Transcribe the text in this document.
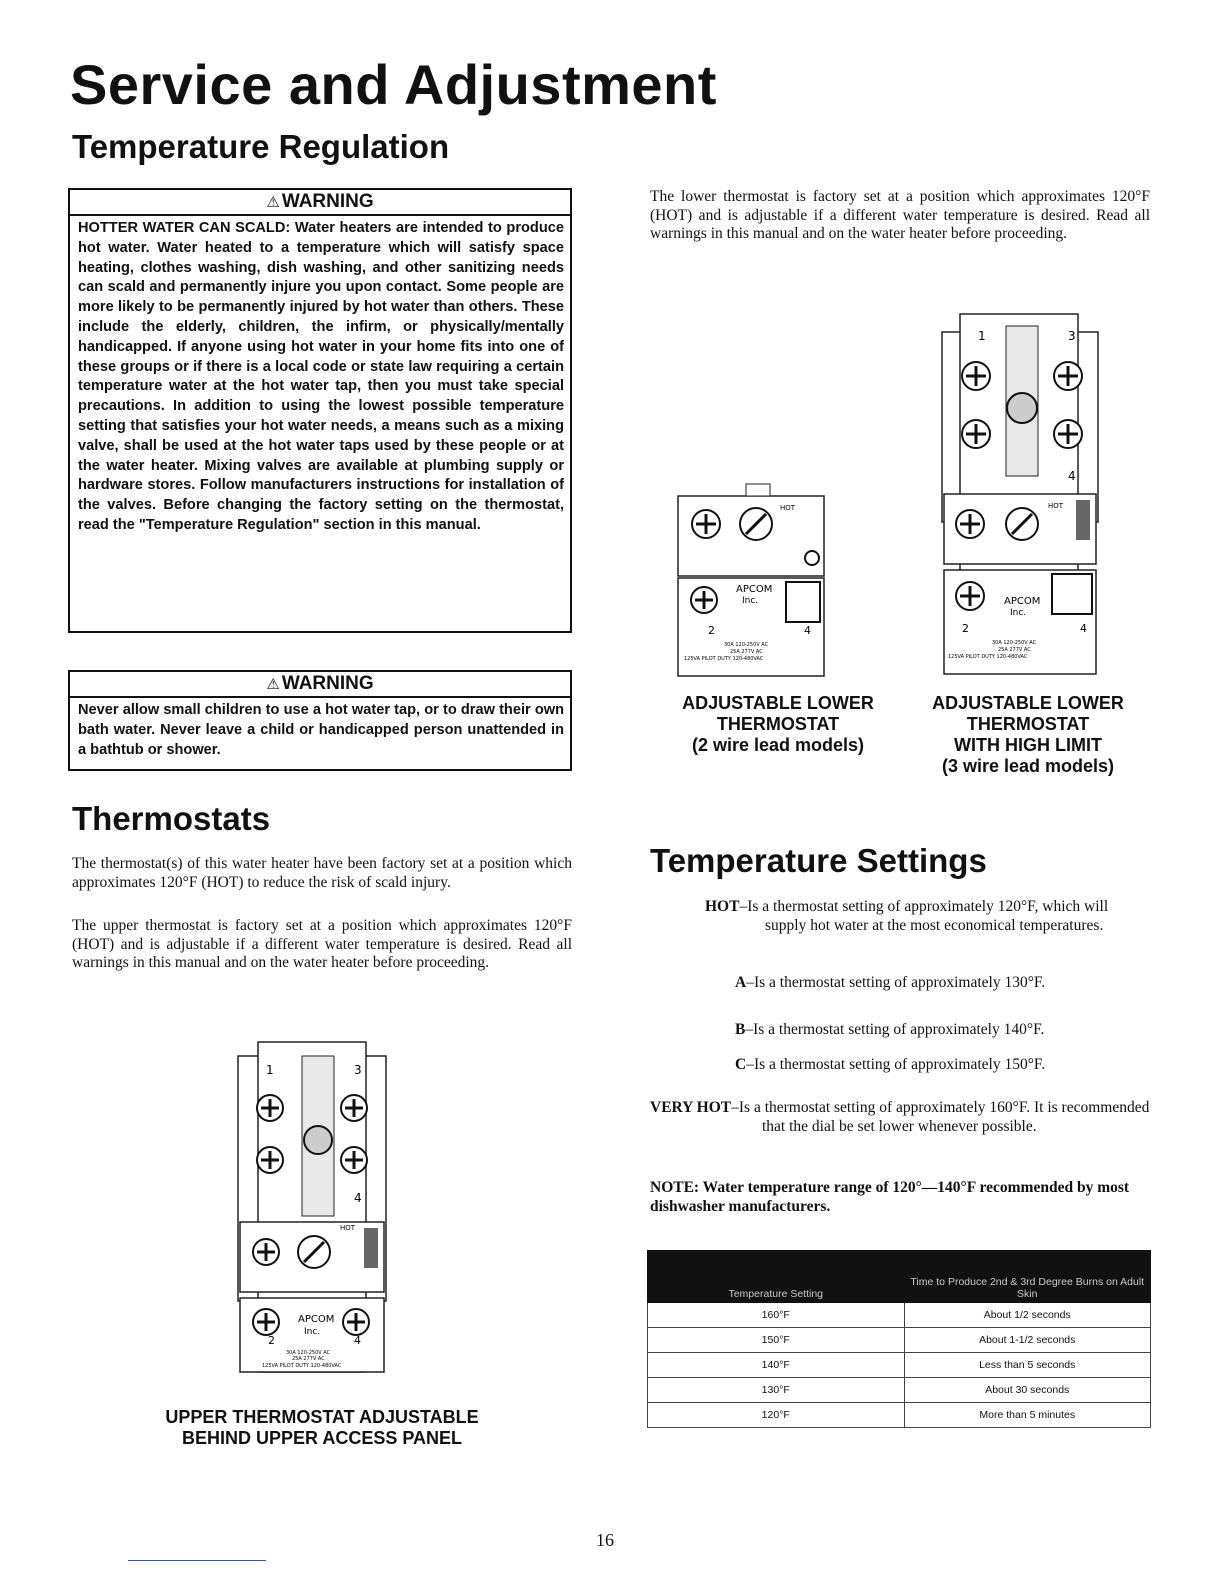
Service and Adjustment
Temperature Regulation
⚠ WARNING
HOTTER WATER CAN SCALD: Water heaters are intended to produce hot water. Water heated to a temperature which will satisfy space heating, clothes washing, dish washing, and other sanitizing needs can scald and permanently injure you upon contact. Some people are more likely to be permanently injured by hot water than others. These include the elderly, children, the infirm, or physically/mentally handicapped. If anyone using hot water in your home fits into one of these groups or if there is a local code or state law requiring a certain temperature water at the hot water tap, then you must take special precautions. In addition to using the lowest possible temperature setting that satisfies your hot water needs, a means such as a mixing valve, shall be used at the hot water taps used by these people or at the water heater. Mixing valves are available at plumbing supply or hardware stores. Follow manufacturers instructions for installation of the valves. Before changing the factory setting on the thermostat, read the "Temperature Regulation" section in this manual.
⚠ WARNING
Never allow small children to use a hot water tap, or to draw their own bath water. Never leave a child or handicapped person unattended in a bathtub or shower.
Thermostats

The thermostat(s) of this water heater have been factory set at a position which approximates 120°F (HOT) to reduce the risk of scald injury.

The upper thermostat is factory set at a position which approximates 120°F (HOT) and is adjustable if a different water temperature is desired. Read all warnings in this manual and on the water heater before proceeding.

1	3
4
HOT
APCOM
Inc.
2	4
30A 120-250V AC
25A 277V AC
125VA PILOT DUTY 120-480VAC
UPPER THERMOSTAT ADJUSTABLE
BEHIND UPPER ACCESS PANEL

The lower thermostat is factory set at a position which approximates 120°F (HOT) and is adjustable if a different water temperature is desired. Read all warnings in this manual and on the water heater before proceeding.

HOT
APCOM
Inc.
2	4
30A 120-250V AC
25A 277V AC
125VA PILOT DUTY 120-480VAC
1	3
4
HOT
APCOM
Inc.
2	4
30A 120-250V AC
25A 277V AC
125VA PILOT DUTY 120-480VAC
ADJUSTABLE LOWER
THERMOSTAT
(2 wire lead models)
ADJUSTABLE LOWER
THERMOSTAT
WITH HIGH LIMIT
(3 wire lead models)
Temperature Settings
HOT–Is a thermostat setting of approximately 120°F, which will supply hot water at the most economical temperatures.
A–Is a thermostat setting of approximately 130°F.
B–Is a thermostat setting of approximately 140°F.
C–Is a thermostat setting of approximately 150°F.
VERY HOT–Is a thermostat setting of approximately 160°F. It is recommended that the dial be set lower whenever possible.
NOTE: Water temperature range of 120°—140°F recommended by most dishwasher manufacturers.
Temperature Setting	Time to Produce 2nd & 3rd Degree Burns on Adult Skin
160°F	About 1/2 seconds
150°F	About 1-1/2 seconds
140°F	Less than 5 seconds
130°F	About 30 seconds
120°F	More than 5 minutes
16
